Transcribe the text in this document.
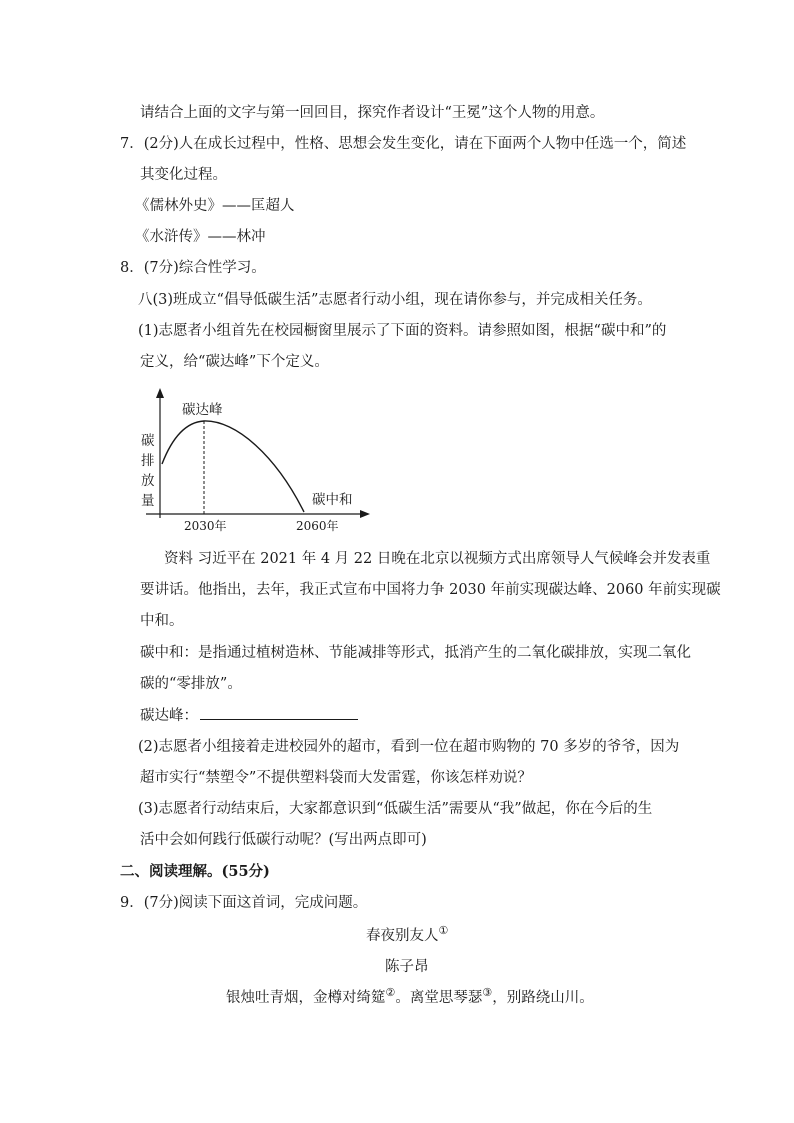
请结合上面的文字与第一回回目，探究作者设计“王冕”这个人物的用意。
7．(2分)人在成长过程中，性格、思想会发生变化，请在下面两个人物中任选一个，简述
其变化过程。
《儒林外史》——匡超人
《水浒传》——林冲
8．(7分)综合性学习。
八(3)班成立“倡导低碳生活”志愿者行动小组，现在请你参与，并完成相关任务。
(1)志愿者小组首先在校园橱窗里展示了下面的资料。请参照如图，根据“碳中和”的
定义，给“碳达峰”下个定义。
碳
排
放
量
碳达峰
碳中和
2030年	2060年
资料 习近平在 2021 年 4 月 22 日晚在北京以视频方式出席领导人气候峰会并发表重
要讲话。他指出，去年，我正式宣布中国将力争 2030 年前实现碳达峰、2060 年前实现碳
中和。
碳中和：是指通过植树造林、节能减排等形式，抵消产生的二氧化碳排放，实现二氧化
碳的“零排放”。
碳达峰：
(2)志愿者小组接着走进校园外的超市，看到一位在超市购物的 70 多岁的爷爷，因为
超市实行“禁塑令”不提供塑料袋而大发雷霆，你该怎样劝说？
(3)志愿者行动结束后，大家都意识到“低碳生活”需要从“我”做起，你在今后的生
活中会如何践行低碳行动呢？(写出两点即可)
二、阅读理解。(55分)
9．(7分)阅读下面这首词，完成问题。
春夜别友人①
陈子昂
银烛吐青烟，金樽对绮筵②。离堂思琴瑟③，别路绕山川。
